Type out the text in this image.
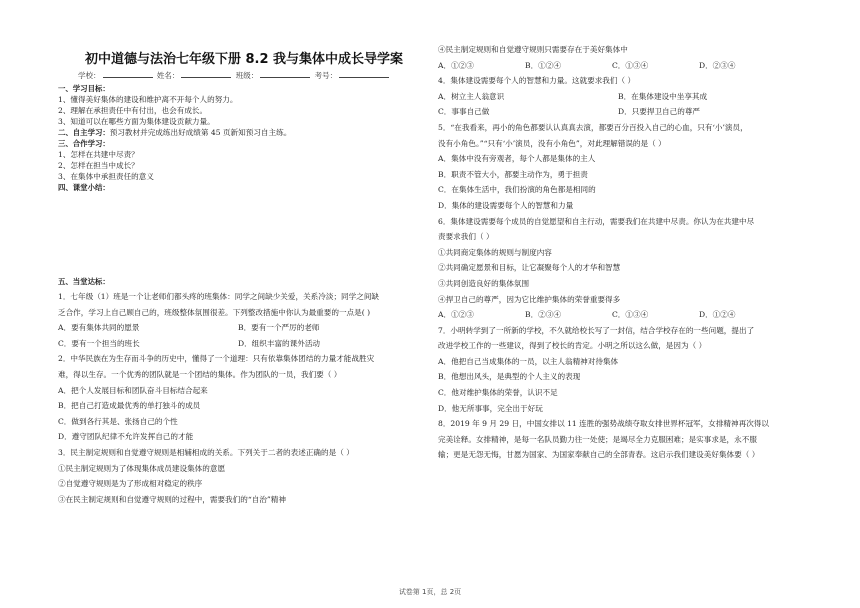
初中道德与法治七年级下册 8.2 我与集体中成长导学案
学校：	姓名：	班级：	考号：
一、学习目标：
1、懂得美好集体的建设和维护离不开每个人的努力。
2、理解在承担责任中有付出，也会有成长。
3、知道可以在哪些方面为集体建设贡献力量。
二、自主学习：预习教材并完成练出好成绩第 45 页新知预习自主练。
三、合作学习：
1、怎样在共建中尽责？
2、怎样在担当中成长？
3、在集体中承担责任的意义
四、课堂小结：
五、当堂达标：
1．七年级（1）班是一个让老师们都头疼的班集体：同学之间缺少关爱，关系冷淡；同学之间缺
乏合作，学习上自己顾自己的，班级整体氛围很差。下列整改措施中你认为最重要的一点是( )
A．要有集体共同的愿景	B．要有一个严厉的老师
C．要有一个担当的班长	D．组织丰富的课外活动
2．中华民族在为生存而斗争的历史中，懂得了一个道理：只有依靠集体团结的力量才能战胜灾
难，得以生存。一个优秀的团队就是一个团结的集体。作为团队的一员，我们要（ ）
A．把个人发展目标和团队奋斗目标结合起来
B．把自己打造成最优秀的单打独斗的成员
C．做到各行其是、张扬自己的个性
D．遵守团队纪律不允许发挥自己的才能
3．民主制定规则和自觉遵守规则是相辅相成的关系。下列关于二者的表述正确的是（ ）
①民主制定规则为了体现集体成员建设集体的意愿
②自觉遵守规则是为了形成相对稳定的秩序
③在民主制定规则和自觉遵守规则的过程中，需要我们的“自治”精神
④民主制定规则和自觉遵守规则只需要存在于美好集体中
A．①②③	B．①②④	C．①③④	D．②③④
4．集体建设需要每个人的智慧和力量。这就要求我们（ ）
A．树立主人翁意识	B．在集体建设中坐享其成
C．事事自己做	D．只要捍卫自己的尊严
5．“在我看来，再小的角色都要认认真真去演，都要百分百投入自己的心血，只有‘小’演员，
没有小角色。”“只有‘小’演员，没有小角色”，对此理解错误的是（ ）
A．集体中没有旁观者，每个人都是集体的主人
B．职责不管大小，都要主动作为，勇于担责
C．在集体生活中，我们扮演的角色都是相同的
D．集体的建设需要每个人的智慧和力量
6．集体建设需要每个成员的自觉愿望和自主行动，需要我们在共建中尽责。你认为在共建中尽
责要求我们（ ）
①共同商定集体的规则与制度内容
②共同确定愿景和目标，让它凝聚每个人的才华和智慧
③共同创造良好的集体氛围
④捍卫自己的尊严，因为它比维护集体的荣誉重要得多
A．①②③	B．②③④	C．①③④	D．①②④
7．小明转学到了一所新的学校，不久就给校长写了一封信，结合学校存在的一些问题，提出了
改进学校工作的一些建议，得到了校长的肯定。小明之所以这么做，是因为（ ）
A．他把自己当成集体的一员，以主人翁精神对待集体
B．他想出风头，是典型的个人主义的表现
C．他对维护集体的荣誉，认识不足
D．他无所事事，完全出于好玩
8．2019 年 9 月 29 日，中国女排以 11 连胜的强势战绩夺取女排世界杯冠军，女排精神再次得以
完美诠释。女排精神，是每一名队员勤力往一处使；是竭尽全力克服困难；是实事求是，永不服
输；更是无怨无悔，甘愿为国家、为国家奉献自己的全部青春。这启示我们建设美好集体要（ ）
试卷第 1页，总 2页
